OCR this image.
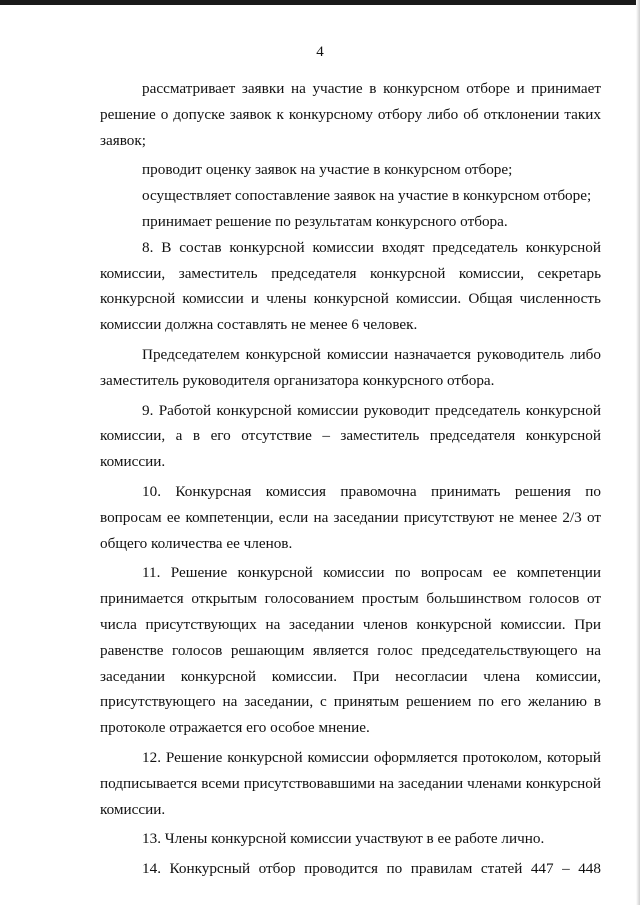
4

рассматривает заявки на участие в конкурсном отборе и принимает решение о допуске заявок к конкурсному отбору либо об отклонении таких заявок;

проводит оценку заявок на участие в конкурсном отборе;

осуществляет сопоставление заявок на участие в конкурсном отборе;

принимает решение по результатам конкурсного отбора.

8. В состав конкурсной комиссии входят председатель конкурсной комиссии, заместитель председателя конкурсной комиссии, секретарь конкурсной комиссии и члены конкурсной комиссии. Общая численность комиссии должна составлять не менее 6 человек.

Председателем конкурсной комиссии назначается руководитель либо заместитель руководителя организатора конкурсного отбора.

9. Работой конкурсной комиссии руководит председатель конкурсной комиссии, а в его отсутствие – заместитель председателя конкурсной комиссии.

10. Конкурсная комиссия правомочна принимать решения по вопросам ее компетенции, если на заседании присутствуют не менее 2/3 от общего количества ее членов.

11. Решение конкурсной комиссии по вопросам ее компетенции принимается открытым голосованием простым большинством голосов от числа присутствующих на заседании членов конкурсной комиссии. При равенстве голосов решающим является голос председательствующего на заседании конкурсной комиссии. При несогласии члена комиссии, присутствующего на заседании, с принятым решением по его желанию в протоколе отражается его особое мнение.

12. Решение конкурсной комиссии оформляется протоколом, который подписывается всеми присутствовавшими на заседании членами конкурсной комиссии.

13. Члены конкурсной комиссии участвуют в ее работе лично.

14. Конкурсный отбор проводится по правилам статей 447 – 448
